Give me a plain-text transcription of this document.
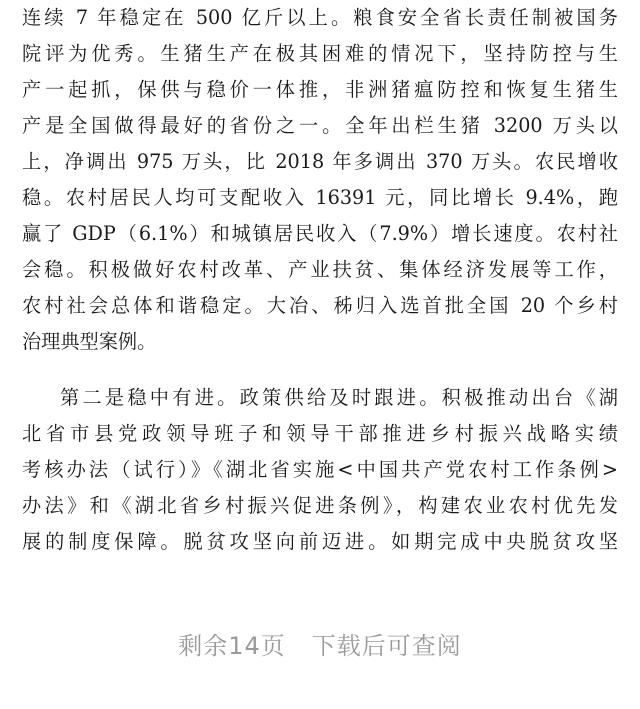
连续 7 年稳定在 500 亿斤以上。粮食安全省长责任制被国务
院评为优秀。生猪生产在极其困难的情况下，坚持防控与生
产一起抓，保供与稳价一体推，非洲猪瘟防控和恢复生猪生
产是全国做得最好的省份之一。全年出栏生猪 3200 万头以
上，净调出 975 万头，比 2018 年多调出 370 万头。农民增收
稳。农村居民人均可支配收入 16391 元，同比增长 9.4%，跑
赢了 GDP（6.1%）和城镇居民收入（7.9%）增长速度。农村社
会稳。积极做好农村改革、产业扶贫、集体经济发展等工作，
农村社会总体和谐稳定。大冶、秭归入选首批全国 20 个乡村
治理典型案例。
第二是稳中有进。政策供给及时跟进。积极推动出台《湖
北省市县党政领导班子和领导干部推进乡村振兴战略实绩
考核办法（试行）》《湖北省实施<中国共产党农村工作条例>
办法》和《湖北省乡村振兴促进条例》，构建农业农村优先发
展的制度保障。脱贫攻坚向前迈进。如期完成中央脱贫攻坚
剩余14页 下载后可查阅
